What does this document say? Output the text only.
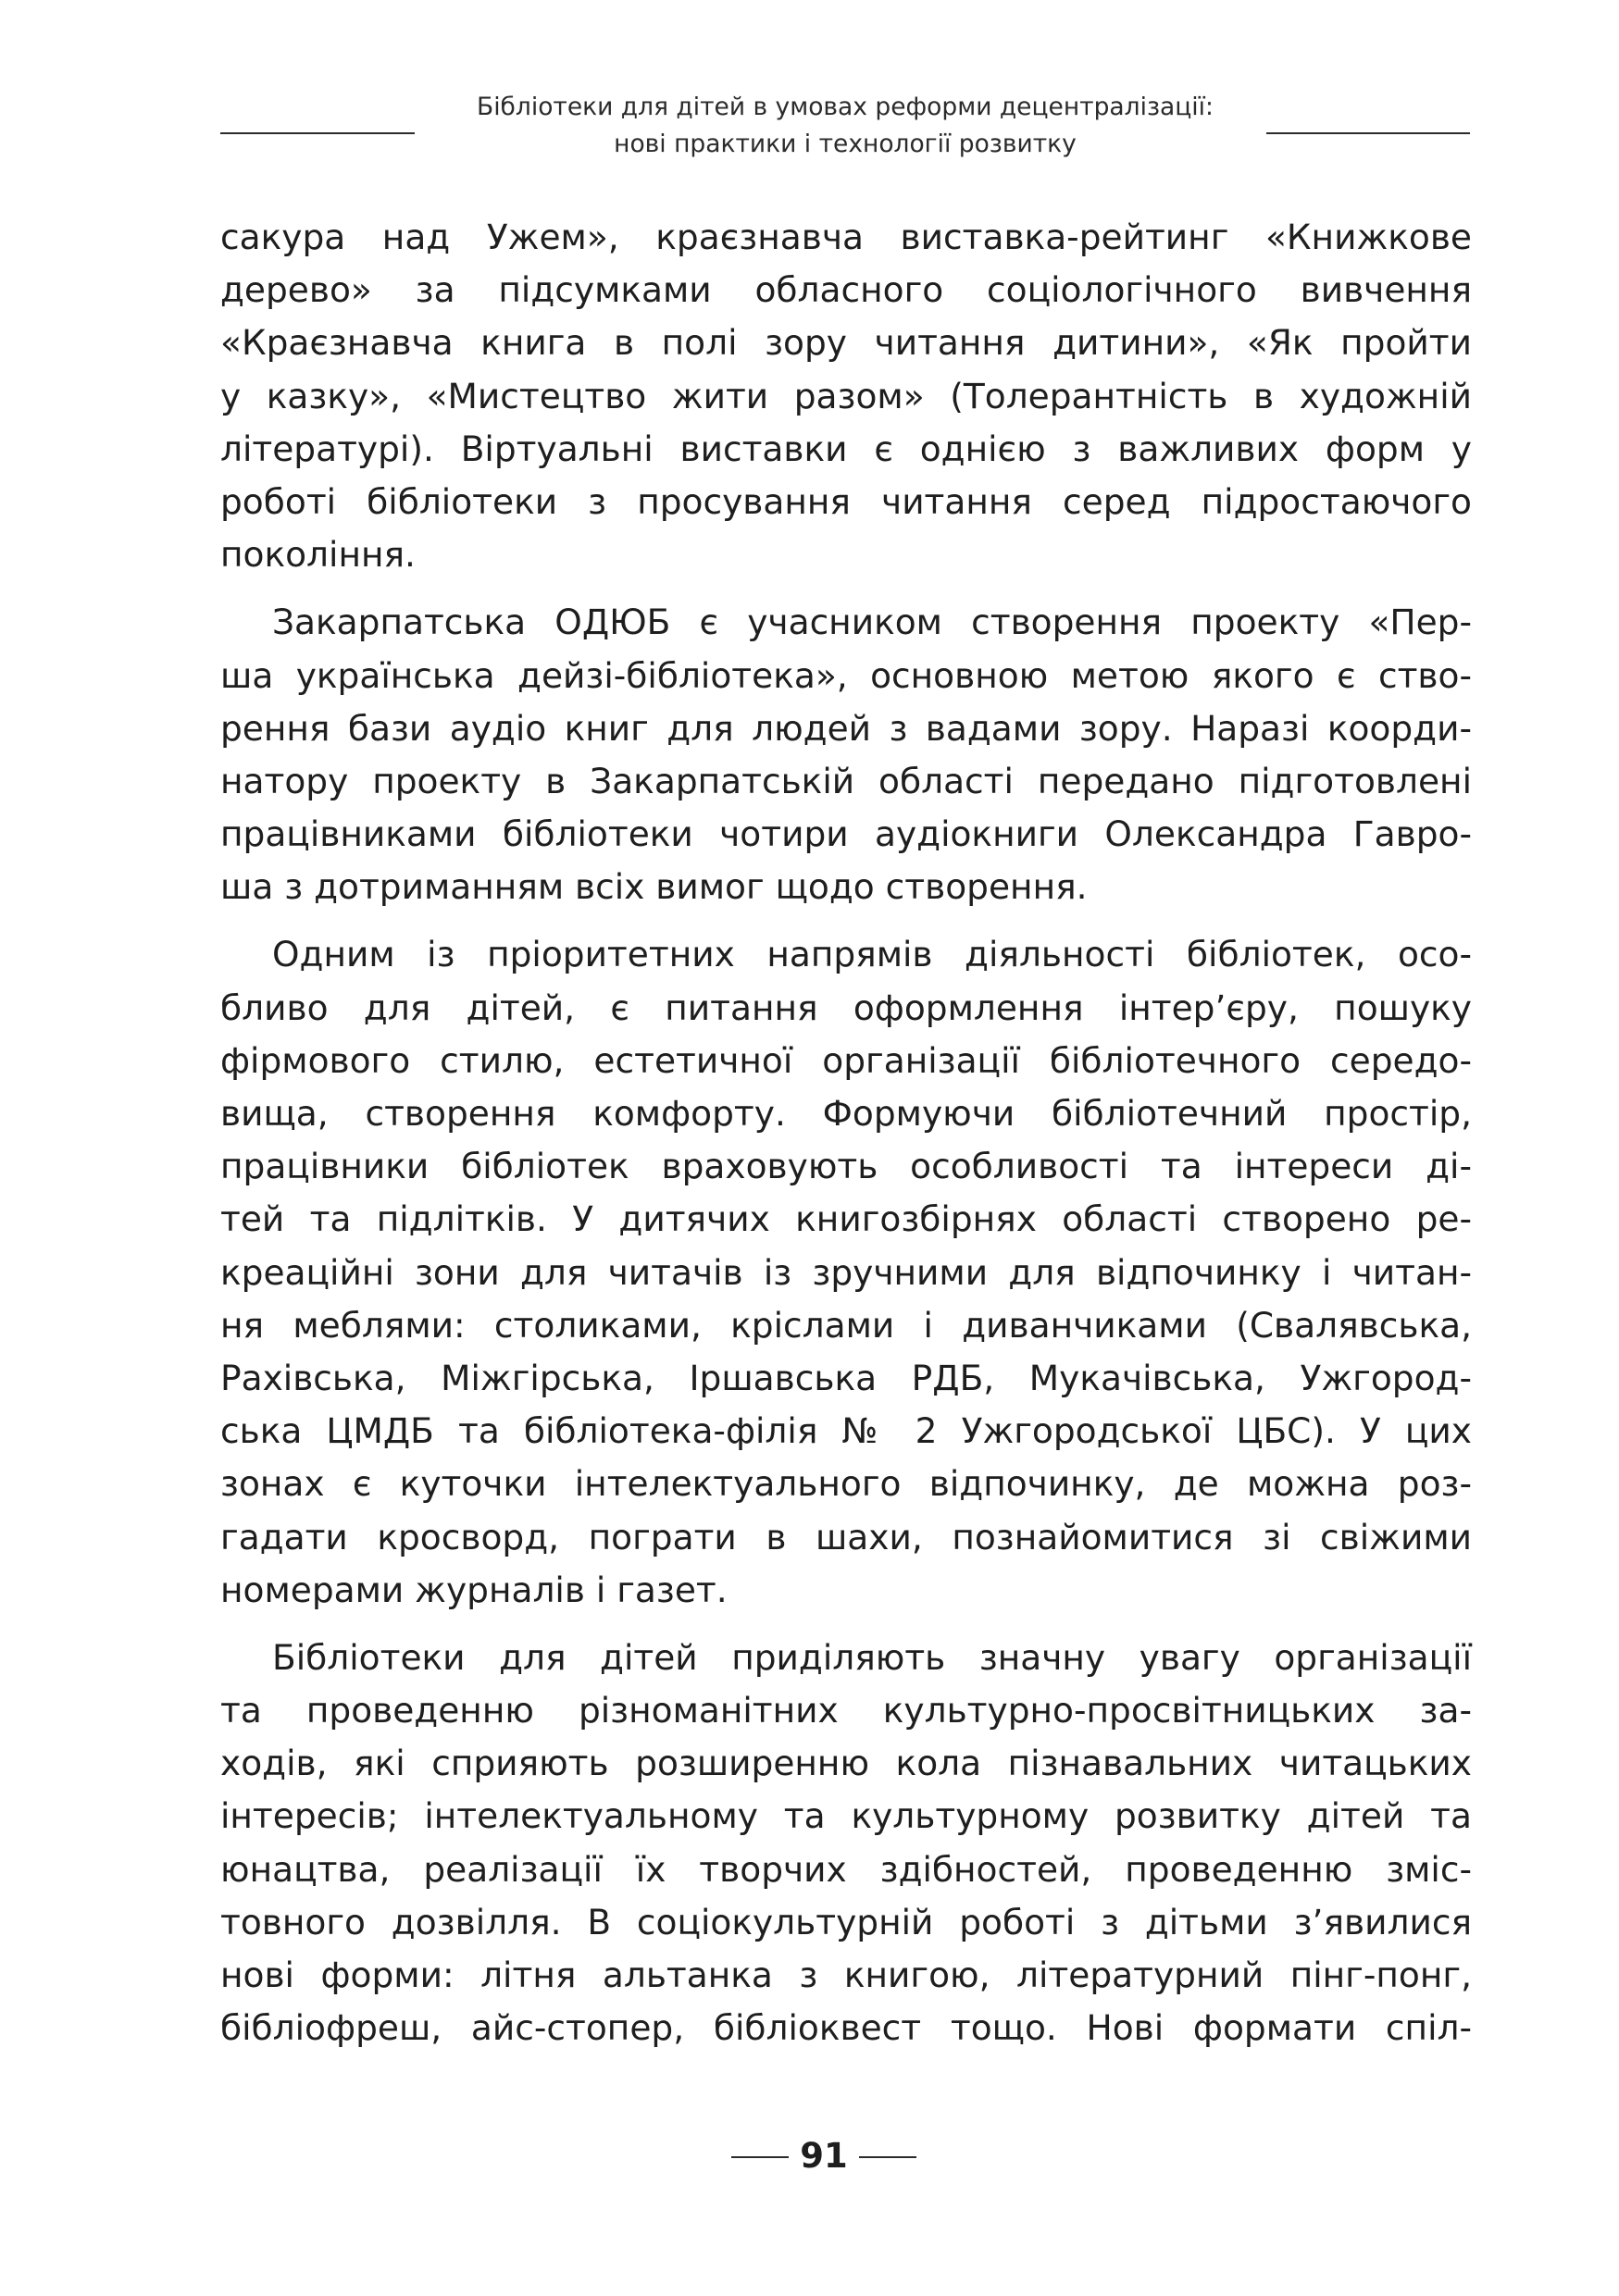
Бібліотеки для дітей в умовах реформи децентралізації:
нові практики і технології розвитку
сакура над Ужем», краєзнавча виставка-рейтинг «Книжкове
дерево» за підсумками обласного соціологічного вивчення
«Краєзнавча книга в полі зору читання дитини», «Як пройти
у казку», «Мистецтво жити разом» (Толерантність в художній
літературі). Віртуальні виставки є однією з важливих форм у
роботі бібліотеки з просування читання серед підростаючого
покоління.
Закарпатська ОДЮБ є учасником створення проекту «Пер-
ша українська дейзі-бібліотека», основною метою якого є ство-
рення бази аудіо книг для людей з вадами зору. Наразі коорди-
натору проекту в Закарпатській області передано підготовлені
працівниками бібліотеки чотири аудіокниги Олександра Гавро-
ша з дотриманням всіх вимог щодо створення.
Одним із пріоритетних напрямів діяльності бібліотек, осо-
бливо для дітей, є питання оформлення інтер’єру, пошуку
фірмового стилю, естетичної організації бібліотечного середо-
вища, створення комфорту. Формуючи бібліотечний простір,
працівники бібліотек враховують особливості та інтереси ді-
тей та підлітків. У дитячих книгозбірнях області створено ре-
креаційні зони для читачів із зручними для відпочинку і читан-
ня меблями: столиками, кріслами і диванчиками (Свалявська,
Рахівська, Міжгірська, Іршавська РДБ, Мукачівська, Ужгород-
ська ЦМДБ та бібліотека-філія № 2 Ужгородської ЦБС). У цих
зонах є куточки інтелектуального відпочинку, де можна роз-
гадати кросворд, пограти в шахи, познайомитися зі свіжими
номерами журналів і газет.
Бібліотеки для дітей приділяють значну увагу організації
та проведенню різноманітних культурно-просвітницьких за-
ходів, які сприяють розширенню кола пізнавальних читацьких
інтересів; інтелектуальному та культурному розвитку дітей та
юнацтва, реалізації їх творчих здібностей, проведенню зміс-
товного дозвілля. В соціокультурній роботі з дітьми з’явилися
нові форми: літня альтанка з книгою, літературний пінг-понг,
бібліофреш, айс-стопер, бібліоквест тощо. Нові формати спіл-
91
